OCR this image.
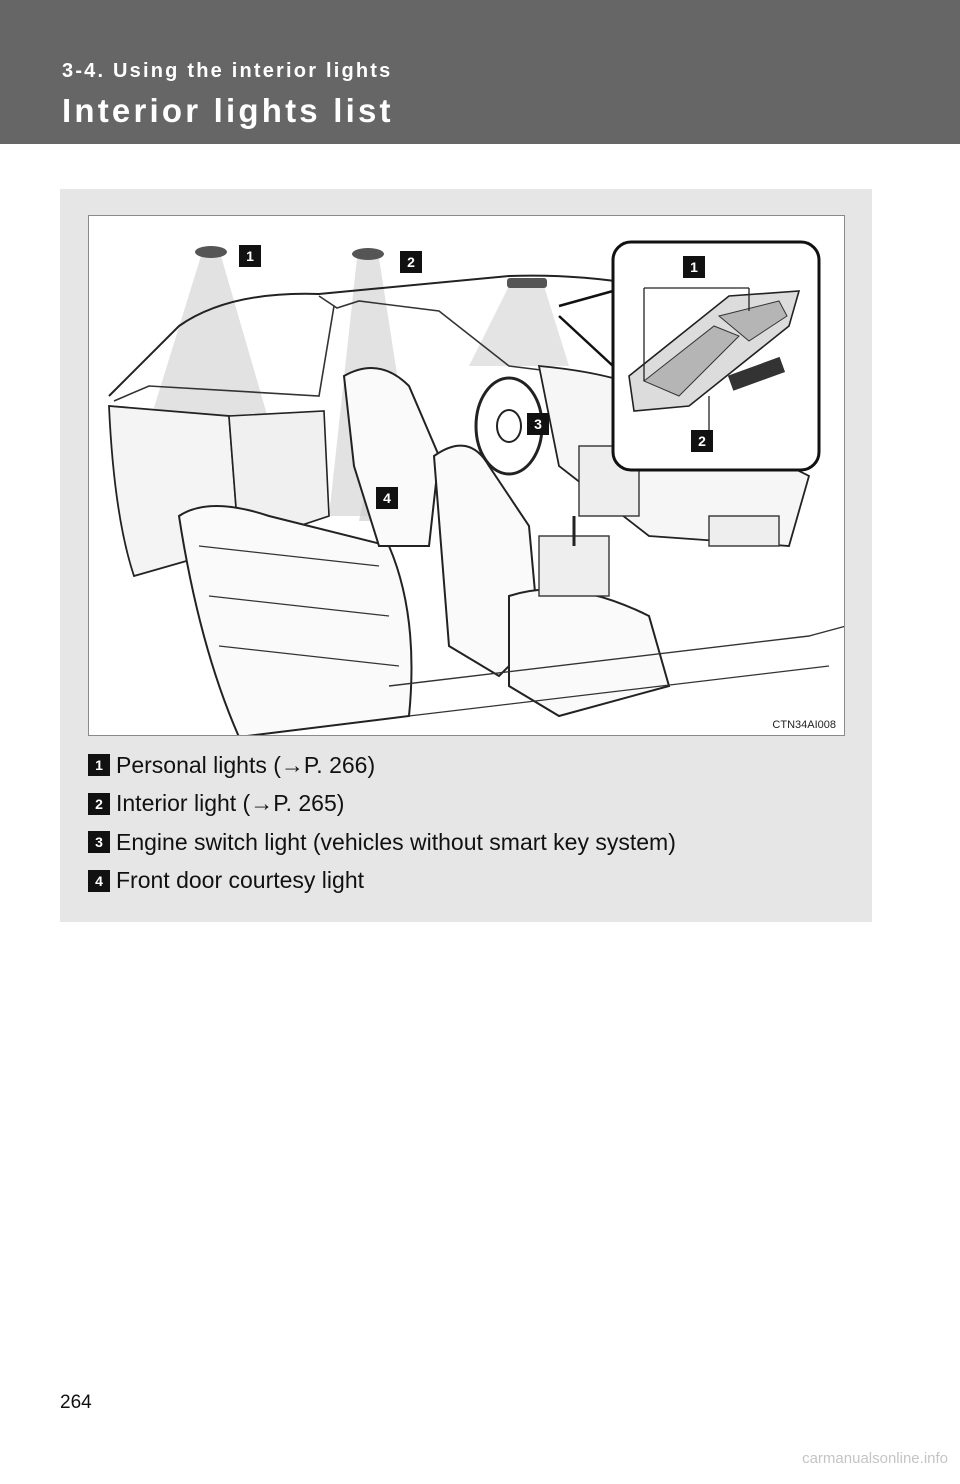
3-4. Using the interior lights
Interior lights list
1	2
3
4
1
2
CTN34AI008
1 Personal lights (→P. 266)
2 Interior light (→P. 265)
3 Engine switch light (vehicles without smart key system)
4 Front door courtesy light
264
carmanualsonline.info
